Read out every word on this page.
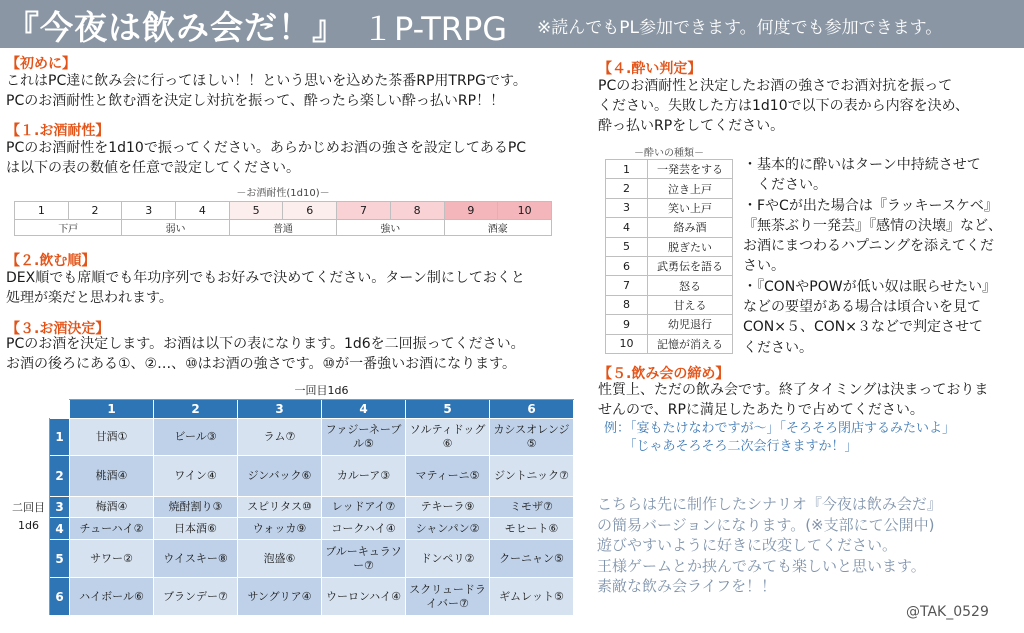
『今夜は飲み会だ！』 １P-TRPG ※読んでもPL参加できます。何度でも参加できます。
【初めに】
これはPC達に飲み会に行ってほしい！！という思いを込めた茶番RP用TRPGです。
PCのお酒耐性と飲む酒を決定し対抗を振って、酔ったら楽しい酔っ払いRP！！
【１.お酒耐性】
PCのお酒耐性を1d10で振ってください。あらかじめお酒の強さを設定してあるPC
は以下の表の数値を任意で設定してください。
－お酒耐性(1d10)－
1	2	3	4	5	6	7	8	9	10
下戸		弱い		普通		強い		酒豪	
【２.飲む順】
DEX順でも席順でも年功序列でもお好みで決めてください。ターン制にしておくと
処理が楽だと思われます。
【３.お酒決定】
PCのお酒を決定します。お酒は以下の表になります。1d6を二回振ってください。
お酒の後ろにある①、②…、⑩はお酒の強さです。⑩が一番強いお酒になります。
		一回目1d6					
		1	2	3	4	5	6

二回目
1d6	1	甘酒①	ビール③	ラム⑦	ファジーネーブル⑤	ソルティドッグ⑥	カシスオレンジ⑤
	2	桃酒④	ワイン④	ジンバック⑥	カルーア③	マティーニ⑤	ジントニック⑦
	3	梅酒④	焼酎割り③	スピリタス⑩	レッドアイ⑦	テキーラ⑨	ミモザ⑦
	4	チューハイ②	日本酒⑥	ウォッカ⑨	コークハイ④	シャンパン②	モヒート⑥
	5	サワー②	ウイスキー⑧	泡盛⑥	ブルーキュラソー⑦	ドンペリ②	クーニャン⑤
	6	ハイボール⑥	ブランデー⑦	サングリア④	ウーロンハイ④	スクリュードライバー⑦	ギムレット⑤
【４.酔い判定】
PCのお酒耐性と決定したお酒の強さでお酒対抗を振って
ください。失敗した方は1d10で以下の表から内容を決め、
酔っ払いRPをしてください。
－酔いの種類－	
1	一発芸をする
2	泣き上戸
3	笑い上戸
4	絡み酒
5	脱ぎたい
6	武勇伝を語る
7	怒る
8	甘える
9	幼児退行
10	記憶が消える
・基本的に酔いはターン中持続させて
　ください。
・FやCが出た場合は『ラッキースケベ』
『無茶ぶり一発芸』『感情の決壊』など、
お酒にまつわるハプニングを添えてくだ
さい。
・『CONやPOWが低い奴は眠らせたい』
などの要望がある場合は頃合いを見て
CON×５、CON×３などで判定させて
ください。
【５.飲み会の締め】
性質上、ただの飲み会です。終了タイミングは決まっておりま
せんので、RPに満足したあたりで占めてください。
例：「宴もたけなわですが～」「そろそろ閉店するみたいよ」
　　「じゃあそろそろ二次会行きますか！」
こちらは先に制作したシナリオ『今夜は飲み会だ』
の簡易バージョンになります。(※支部にて公開中)
遊びやすいように好きに改変してください。
王様ゲームとか挟んでみても楽しいと思います。
素敵な飲み会ライフを！！
@TAK_0529
